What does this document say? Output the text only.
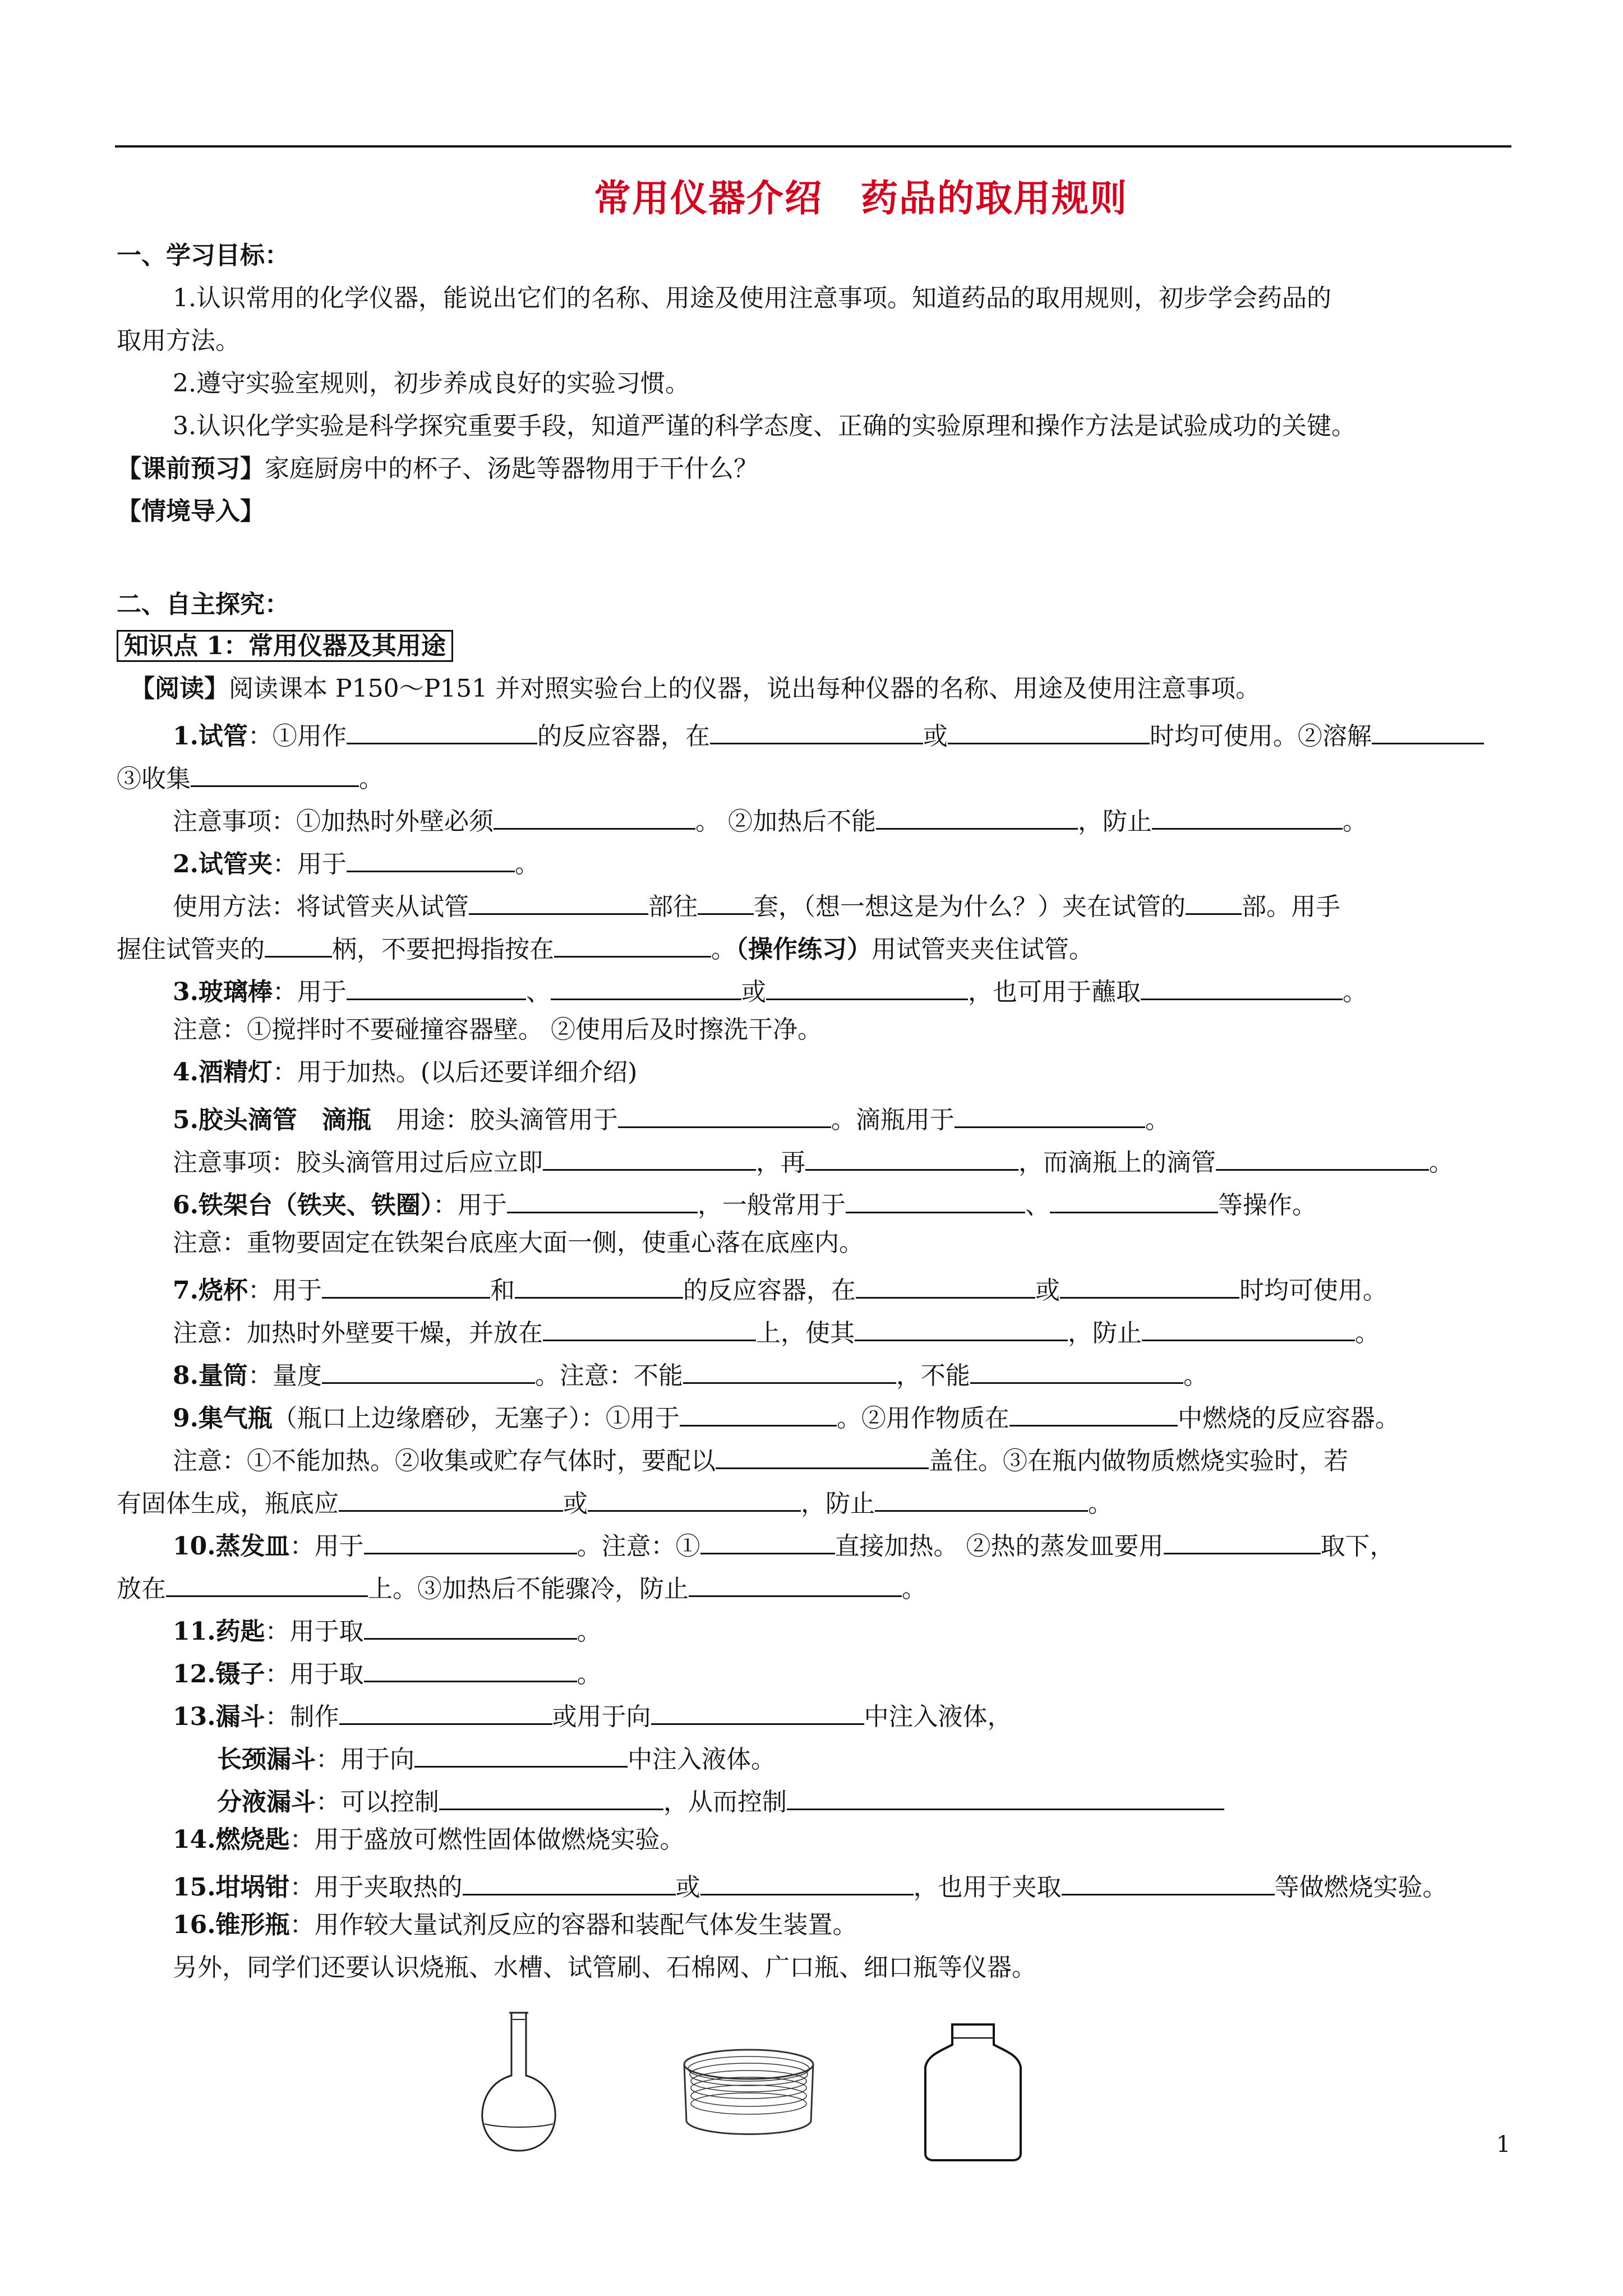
常用仪器介绍　药品的取用规则
一、学习目标：
1.认识常用的化学仪器，能说出它们的名称、用途及使用注意事项。知道药品的取用规则，初步学会药品的
取用方法。
2.遵守实验室规则，初步养成良好的实验习惯。
3.认识化学实验是科学探究重要手段，知道严谨的科学态度、正确的实验原理和操作方法是试验成功的关键。
【课前预习】家庭厨房中的杯子、汤匙等器物用于干什么？
【情境导入】
二、自主探究：
知识点 1：常用仪器及其用途
【阅读】阅读课本 P150～P151 并对照实验台上的仪器，说出每种仪器的名称、用途及使用注意事项。
1.试管：①用作	的反应容器，在	或	时均可使用。②溶解
③收集	。
注意事项：①加热时外壁必须	。 ②加热后不能	，防止	。
2.试管夹：用于	。
使用方法：将试管夹从试管	部往 套，（想一想这是为什么？）夹在试管的 部。用手
握住试管夹的	柄，不要把拇指按在	。（操作练习）用试管夹夹住试管。
3.玻璃棒：用于	、	或	，也可用于蘸取	。
注意：①搅拌时不要碰撞容器壁。 ②使用后及时擦洗干净。
4.酒精灯：用于加热。(以后还要详细介绍)
5.胶头滴管　滴瓶　用途：胶头滴管用于	。滴瓶用于	。
注意事项：胶头滴管用过后应立即	，再	，而滴瓶上的滴管	。
6.铁架台（铁夹、铁圈）：用于	，一般常用于	、	等操作。
注意：重物要固定在铁架台底座大面一侧，使重心落在底座内。
7.烧杯：用于	和	的反应容器，在	或	时均可使用。
注意：加热时外壁要干燥，并放在	上，使其	，防止	。
8.量筒：量度	。注意：不能	，不能	。
9.集气瓶（瓶口上边缘磨砂，无塞子）：①用于	。②用作物质在	中燃烧的反应容器。
注意：①不能加热。②收集或贮存气体时，要配以	盖住。③在瓶内做物质燃烧实验时，若
有固体生成，瓶底应	或	，防止	。
10.蒸发皿：用于	。注意：①	直接加热。 ②热的蒸发皿要用	取下，
放在	上。③加热后不能骤冷，防止	。
11.药匙：用于取	。
12.镊子：用于取	。
13.漏斗：制作	或用于向	中注入液体，
长颈漏斗：用于向	中注入液体。
分液漏斗：可以控制	，从而控制
14.燃烧匙：用于盛放可燃性固体做燃烧实验。
15.坩埚钳：用于夹取热的	或	，也用于夹取	等做燃烧实验。
16.锥形瓶：用作较大量试剂反应的容器和装配气体发生装置。
另外，同学们还要认识烧瓶、水槽、试管刷、石棉网、广口瓶、细口瓶等仪器。
1
